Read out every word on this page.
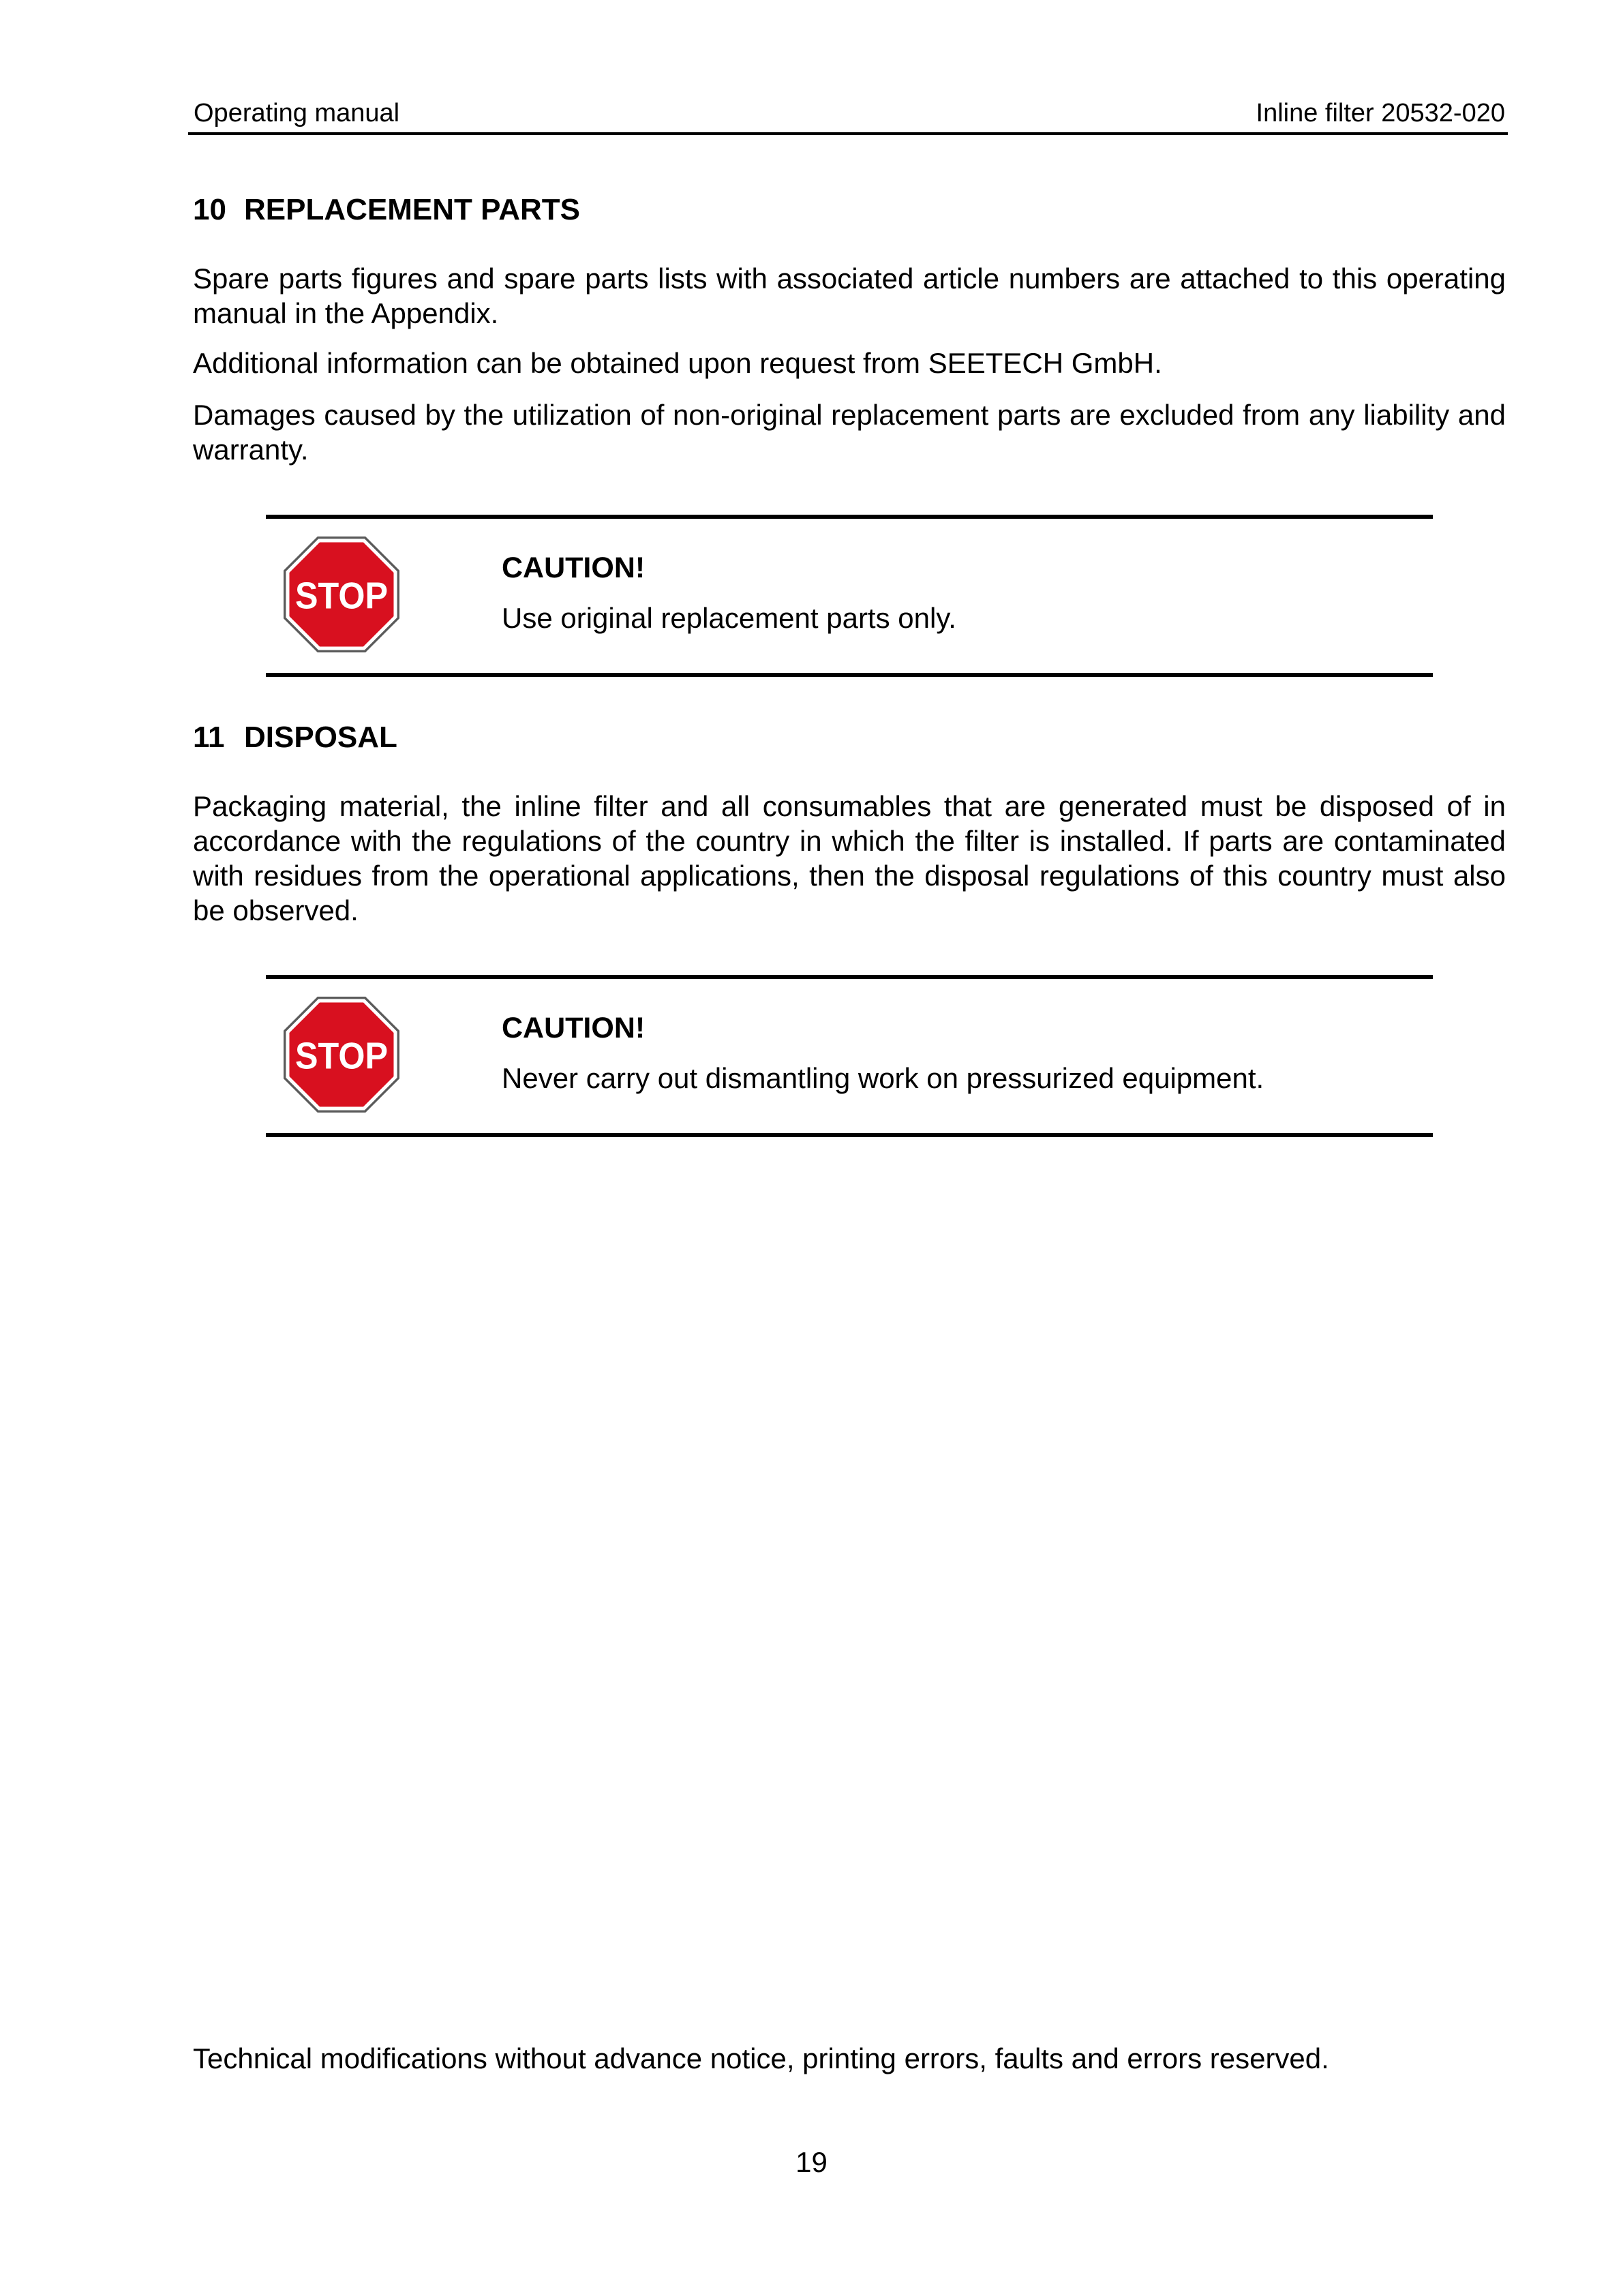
Operating manual	Inline filter 20532-020
10 REPLACEMENT PARTS

Spare parts figures and spare parts lists with associated article numbers are attached to this operating manual in the Appendix.

Additional information can be obtained upon request from SEETECH GmbH.

Damages caused by the utilization of non-original replacement parts are excluded from any liability and warranty.

STOP
CAUTION!
Use original replacement parts only.
11 DISPOSAL

Packaging material, the inline filter and all consumables that are generated must be disposed of in accordance with the regulations of the country in which the filter is installed. If parts are contaminated with residues from the operational applications, then the disposal regulations of this country must also be observed.

STOP
CAUTION!
Never carry out dismantling work on pressurized equipment.
Technical modifications without advance notice, printing errors, faults and errors reserved.
19
